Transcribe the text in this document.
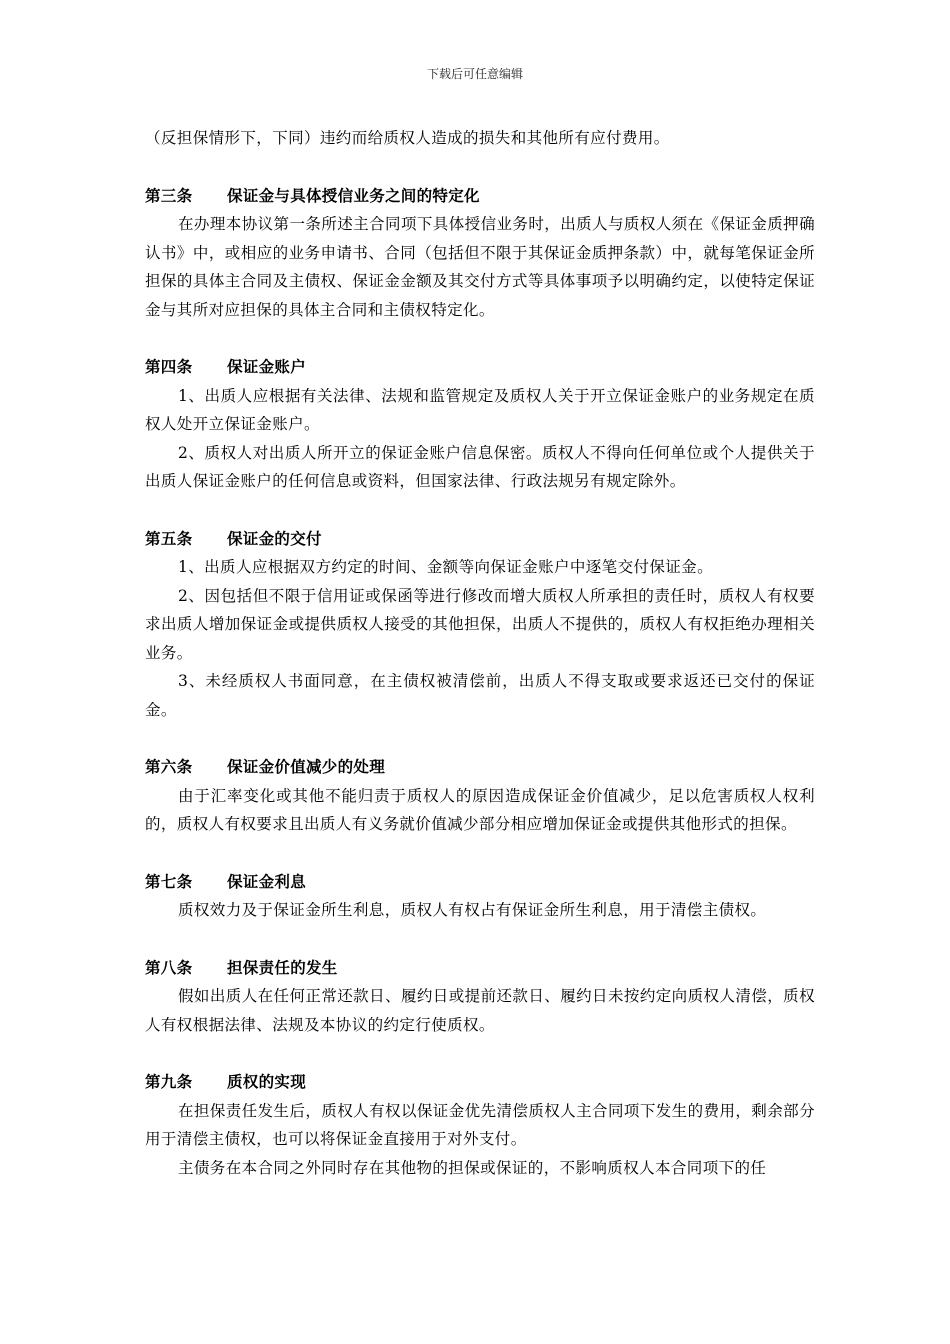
下载后可任意编辑

（反担保情形下，下同）违约而给质权人造成的损失和其他所有应付费用。

第三条 保证金与具体授信业务之间的特定化

在办理本协议第一条所述主合同项下具体授信业务时，出质人与质权人须在《保证金质押确认书》中，或相应的业务申请书、合同（包括但不限于其保证金质押条款）中，就每笔保证金所担保的具体主合同及主债权、保证金金额及其交付方式等具体事项予以明确约定，以使特定保证金与其所对应担保的具体主合同和主债权特定化。

第四条 保证金账户

1、出质人应根据有关法律、法规和监管规定及质权人关于开立保证金账户的业务规定在质权人处开立保证金账户。

2、质权人对出质人所开立的保证金账户信息保密。质权人不得向任何单位或个人提供关于出质人保证金账户的任何信息或资料，但国家法律、行政法规另有规定除外。

第五条 保证金的交付

1、出质人应根据双方约定的时间、金额等向保证金账户中逐笔交付保证金。

2、因包括但不限于信用证或保函等进行修改而增大质权人所承担的责任时，质权人有权要求出质人增加保证金或提供质权人接受的其他担保，出质人不提供的，质权人有权拒绝办理相关业务。

3、未经质权人书面同意，在主债权被清偿前，出质人不得支取或要求返还已交付的保证金。

第六条 保证金价值减少的处理

由于汇率变化或其他不能归责于质权人的原因造成保证金价值减少，足以危害质权人权利的，质权人有权要求且出质人有义务就价值减少部分相应增加保证金或提供其他形式的担保。

第七条 保证金利息

质权效力及于保证金所生利息，质权人有权占有保证金所生利息，用于清偿主债权。

第八条 担保责任的发生

假如出质人在任何正常还款日、履约日或提前还款日、履约日未按约定向质权人清偿，质权人有权根据法律、法规及本协议的约定行使质权。

第九条 质权的实现

在担保责任发生后，质权人有权以保证金优先清偿质权人主合同项下发生的费用，剩余部分用于清偿主债权，也可以将保证金直接用于对外支付。

主债务在本合同之外同时存在其他物的担保或保证的，不影响质权人本合同项下的任
